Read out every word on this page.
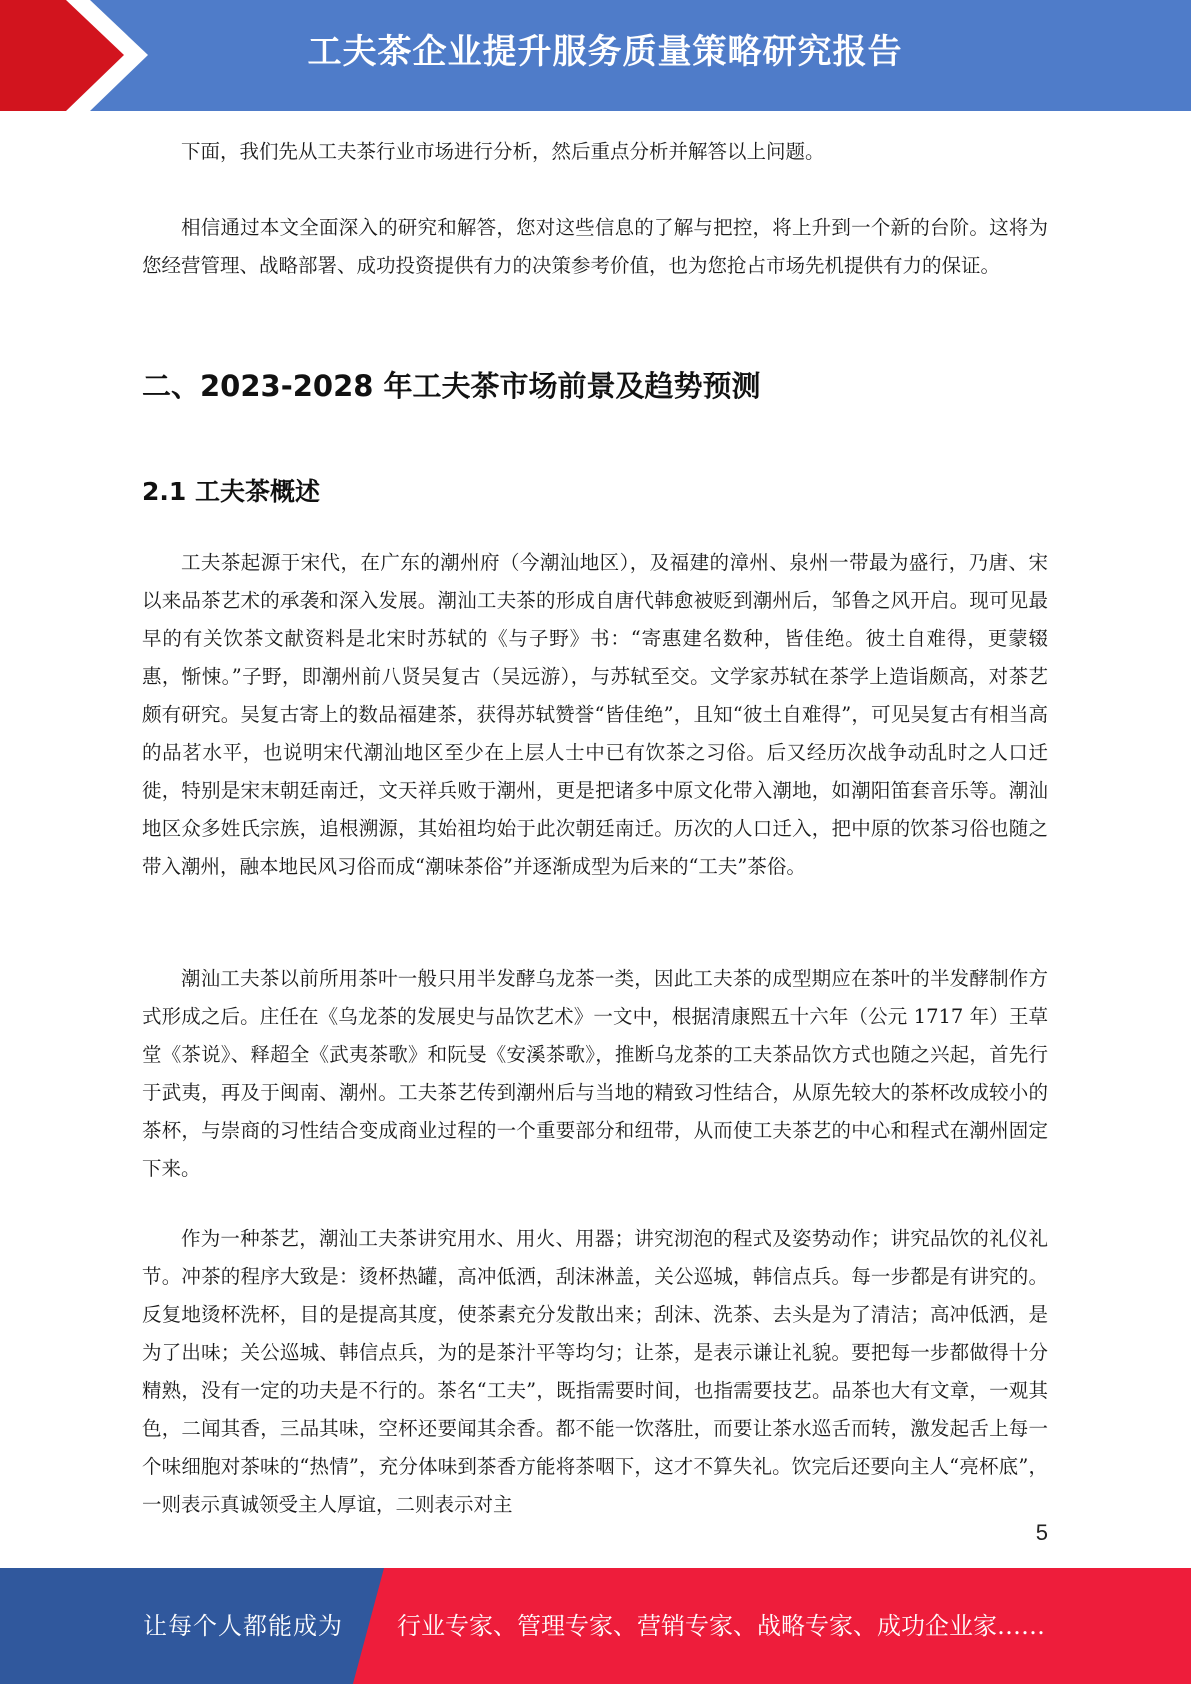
工夫茶企业提升服务质量策略研究报告

下面，我们先从工夫茶行业市场进行分析，然后重点分析并解答以上问题。

相信通过本文全面深入的研究和解答，您对这些信息的了解与把控，将上升到一个新的台阶。这将为您经营管理、战略部署、成功投资提供有力的决策参考价值，也为您抢占市场先机提供有力的保证。

二、2023-2028 年工夫茶市场前景及趋势预测
2.1 工夫茶概述

工夫茶起源于宋代，在广东的潮州府（今潮汕地区），及福建的漳州、泉州一带最为盛行，乃唐、宋以来品茶艺术的承袭和深入发展。潮汕工夫茶的形成自唐代韩愈被贬到潮州后，邹鲁之风开启。现可见最早的有关饮茶文献资料是北宋时苏轼的《与子野》书：“寄惠建名数种，皆佳绝。彼土自难得，更蒙辍惠，惭悚。”子野，即潮州前八贤吴复古（吴远游），与苏轼至交。文学家苏轼在茶学上造诣颇高，对茶艺颇有研究。吴复古寄上的数品福建茶，获得苏轼赞誉“皆佳绝”，且知“彼土自难得”，可见吴复古有相当高的品茗水平，也说明宋代潮汕地区至少在上层人士中已有饮茶之习俗。后又经历次战争动乱时之人口迁徙，特别是宋末朝廷南迁，文天祥兵败于潮州，更是把诸多中原文化带入潮地，如潮阳笛套音乐等。潮汕地区众多姓氏宗族，追根溯源，其始祖均始于此次朝廷南迁。历次的人口迁入，把中原的饮茶习俗也随之带入潮州，融本地民风习俗而成“潮味茶俗”并逐渐成型为后来的“工夫”茶俗。

潮汕工夫茶以前所用茶叶一般只用半发酵乌龙茶一类，因此工夫茶的成型期应在茶叶的半发酵制作方式形成之后。庄任在《乌龙茶的发展史与品饮艺术》一文中，根据清康熙五十六年（公元 1717 年）王草堂《茶说》、释超全《武夷茶歌》和阮旻《安溪茶歌》，推断乌龙茶的工夫茶品饮方式也随之兴起，首先行于武夷，再及于闽南、潮州。工夫茶艺传到潮州后与当地的精致习性结合，从原先较大的茶杯改成较小的茶杯，与崇商的习性结合变成商业过程的一个重要部分和纽带，从而使工夫茶艺的中心和程式在潮州固定下来。

作为一种茶艺，潮汕工夫茶讲究用水、用火、用器；讲究沏泡的程式及姿势动作；讲究品饮的礼仪礼节。冲茶的程序大致是：烫杯热罐，高冲低洒，刮沫淋盖，关公巡城，韩信点兵。每一步都是有讲究的。反复地烫杯洗杯，目的是提高其度，使茶素充分发散出来；刮沫、洗茶、去头是为了清洁；高冲低洒，是为了出味；关公巡城、韩信点兵，为的是茶汁平等均匀；让茶，是表示谦让礼貌。要把每一步都做得十分精熟，没有一定的功夫是不行的。茶名“工夫”，既指需要时间，也指需要技艺。品茶也大有文章，一观其色，二闻其香，三品其味，空杯还要闻其余香。都不能一饮落肚，而要让茶水巡舌而转，激发起舌上每一个味细胞对茶味的“热情”，充分体味到茶香方能将茶咽下，这才不算失礼。饮完后还要向主人“亮杯底”，一则表示真诚领受主人厚谊，二则表示对主

5
让每个人都能成为 行业专家、管理专家、营销专家、战略专家、成功企业家……
